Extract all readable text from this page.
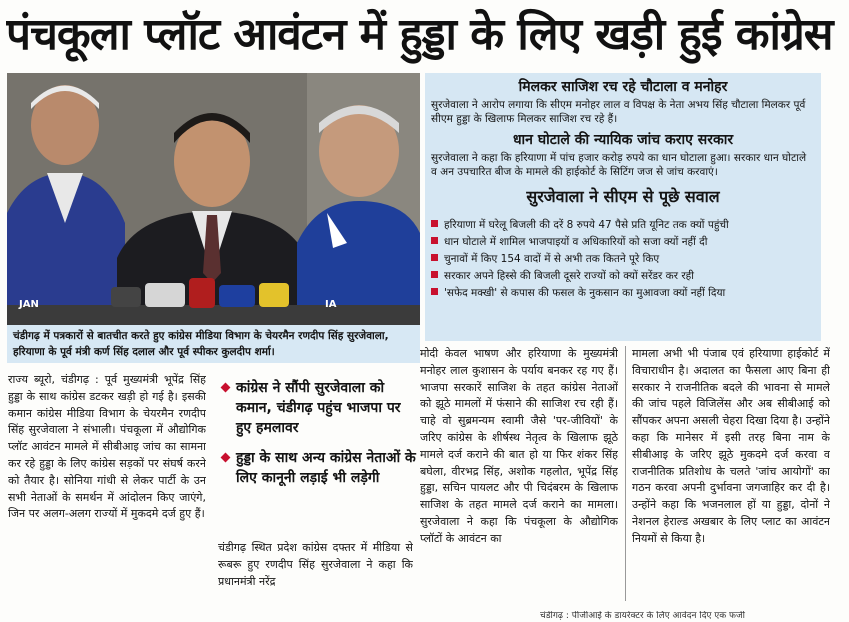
पंचकूला प्लॉट आवंटन में हुड्डा के लिए खड़ी हुई कांग्रेस
JAN	IA
चंडीगढ़ में पत्रकारों से बातचीत करते हुए कांग्रेस मीडिया विभाग के चेयरमैन रणदीप सिंह सुरजेवाला, हरियाणा के पूर्व मंत्री कर्ण सिंह दलाल और पूर्व स्पीकर कुलदीप शर्मा।
मिलकर साजिश रच रहे चौटाला व मनोहर

सुरजेवाला ने आरोप लगाया कि सीएम मनोहर लाल व विपक्ष के नेता अभय सिंह चौटाला मिलकर पूर्व सीएम हुड्डा के खिलाफ मिलकर साजिश रच रहे हैं।

धान घोटाले की न्यायिक जांच कराए सरकार

सुरजेवाला ने कहा कि हरियाणा में पांच हजार करोड़ रुपये का धान घोटाला हुआ। सरकार धान घोटाले व अन उपचारित बीज के मामले की हाईकोर्ट के सिटिंग जज से जांच करवाएं।

सुरजेवाला ने सीएम से पूछे सवाल
हरियाणा में घरेलू बिजली की दरें 8 रुपये 47 पैसे प्रति यूनिट तक क्यों पहुंची
धान घोटाले में शामिल भाजपाइयों व अधिकारियों को सजा क्यों नहीं दी
चुनावों में किए 154 वादों में से अभी तक कितने पूरे किए
सरकार अपने हिस्से की बिजली दूसरे राज्यों को क्यों सरेंडर कर रही
'सफेद मक्खी' से कपास की फसल के नुकसान का मुआवजा क्यों नहीं दिया
राज्य ब्यूरो, चंडीगढ़ : पूर्व मुख्यमंत्री भूपेंद्र सिंह हुड्डा के साथ कांग्रेस डटकर खड़ी हो गई है। इसकी कमान कांग्रेस मीडिया विभाग के चेयरमैन रणदीप सिंह सुरजेवाला ने संभाली। पंचकूला में औद्योगिक प्लॉट आवंटन मामले में सीबीआइ जांच का सामना कर रहे हुड्डा के लिए कांग्रेस सड़कों पर संघर्ष करने को तैयार है। सोनिया गांधी से लेकर पार्टी के उन सभी नेताओं के समर्थन में आंदोलन किए जाएंगे, जिन पर अलग-अलग राज्यों में मुकदमे दर्ज हुए हैं।
कांग्रेस ने सौंपी सुरजेवाला को कमान, चंडीगढ़ पहुंच भाजपा पर हुए हमलावर
हुड्डा के साथ अन्य कांग्रेस नेताओं के लिए कानूनी लड़ाई भी लड़ेगी
चंडीगढ़ स्थित प्रदेश कांग्रेस दफ्तर में मीडिया से रूबरू हुए रणदीप सिंह सुरजेवाला ने कहा कि प्रधानमंत्री नरेंद्र
मोदी केवल भाषण और हरियाणा के मुख्यमंत्री मनोहर लाल कुशासन के पर्याय बनकर रह गए हैं। भाजपा सरकारें साजिश के तहत कांग्रेस नेताओं को झूठे मामलों में फंसाने की साजिश रच रही हैं। चाहे वो सुब्रमन्यम स्वामी जैसे 'पर-जीवियों' के जरिए कांग्रेस के शीर्षस्थ नेतृत्व के खिलाफ झूठे मामले दर्ज कराने की बात हो या फिर शंकर सिंह बघेला, वीरभद्र सिंह, अशोक गहलोत, भूपेंद्र सिंह हुड्डा, सचिन पायलट और पी चिदंबरम के खिलाफ साजिश के तहत मामले दर्ज कराने का मामला। सुरजेवाला ने कहा कि पंचकूला के औद्योगिक प्लॉटों के आवंटन का
मामला अभी भी पंजाब एवं हरियाणा हाईकोर्ट में विचाराधीन है। अदालत का फैसला आए बिना ही सरकार ने राजनीतिक बदले की भावना से मामले की जांच पहले विजिलेंस और अब सीबीआई को सौंपकर अपना असली चेहरा दिखा दिया है। उन्होंने कहा कि मानेसर में इसी तरह बिना नाम के सीबीआइ के जरिए झूठे मुकदमे दर्ज करवा व राजनीतिक प्रतिशोध के चलते 'जांच आयोगों' का गठन करवा अपनी दुर्भावना जगजाहिर कर दी है। उन्होंने कहा कि भजनलाल हों या हुड्डा, दोनों ने नेशनल हेराल्ड अखबार के लिए प्लाट का आवंटन नियमों से किया है।
चंडीगढ़ : पीजीआई के डायरेक्टर के लिए आवेदन दिए एक फर्जी
